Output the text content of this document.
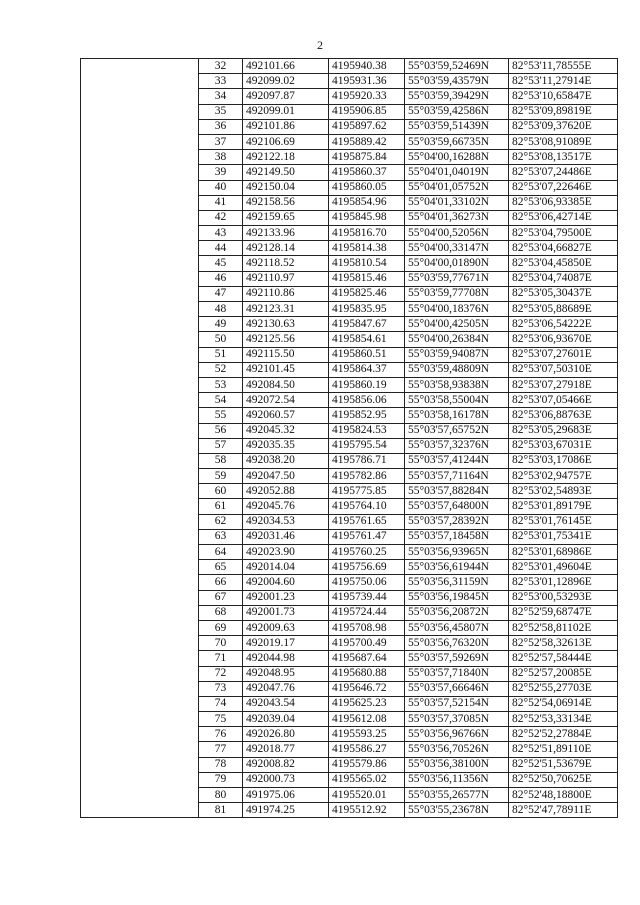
2
	32	492101.66	4195940.38	55°03'59,52469N	82°53'11,78555E
	33	492099.02	4195931.36	55°03'59,43579N	82°53'11,27914E
	34	492097.87	4195920.33	55°03'59,39429N	82°53'10,65847E
	35	492099.01	4195906.85	55°03'59,42586N	82°53'09,89819E
	36	492101.86	4195897.62	55°03'59,51439N	82°53'09,37620E
	37	492106.69	4195889.42	55°03'59,66735N	82°53'08,91089E
	38	492122.18	4195875.84	55°04'00,16288N	82°53'08,13517E
	39	492149.50	4195860.37	55°04'01,04019N	82°53'07,24486E
	40	492150.04	4195860.05	55°04'01,05752N	82°53'07,22646E
	41	492158.56	4195854.96	55°04'01,33102N	82°53'06,93385E
	42	492159.65	4195845.98	55°04'01,36273N	82°53'06,42714E
	43	492133.96	4195816.70	55°04'00,52056N	82°53'04,79500E
	44	492128.14	4195814.38	55°04'00,33147N	82°53'04,66827E
	45	492118.52	4195810.54	55°04'00,01890N	82°53'04,45850E
	46	492110.97	4195815.46	55°03'59,77671N	82°53'04,74087E
	47	492110.86	4195825.46	55°03'59,77708N	82°53'05,30437E
	48	492123.31	4195835.95	55°04'00,18376N	82°53'05,88689E
	49	492130.63	4195847.67	55°04'00,42505N	82°53'06,54222E
	50	492125.56	4195854.61	55°04'00,26384N	82°53'06,93670E
	51	492115.50	4195860.51	55°03'59,94087N	82°53'07,27601E
	52	492101.45	4195864.37	55°03'59,48809N	82°53'07,50310E
	53	492084.50	4195860.19	55°03'58,93838N	82°53'07,27918E
	54	492072.54	4195856.06	55°03'58,55004N	82°53'07,05466E
	55	492060.57	4195852.95	55°03'58,16178N	82°53'06,88763E
	56	492045.32	4195824.53	55°03'57,65752N	82°53'05,29683E
	57	492035.35	4195795.54	55°03'57,32376N	82°53'03,67031E
	58	492038.20	4195786.71	55°03'57,41244N	82°53'03,17086E
	59	492047.50	4195782.86	55°03'57,71164N	82°53'02,94757E
	60	492052.88	4195775.85	55°03'57,88284N	82°53'02,54893E
	61	492045.76	4195764.10	55°03'57,64800N	82°53'01,89179E
	62	492034.53	4195761.65	55°03'57,28392N	82°53'01,76145E
	63	492031.46	4195761.47	55°03'57,18458N	82°53'01,75341E
	64	492023.90	4195760.25	55°03'56,93965N	82°53'01,68986E
	65	492014.04	4195756.69	55°03'56,61944N	82°53'01,49604E
	66	492004.60	4195750.06	55°03'56,31159N	82°53'01,12896E
	67	492001.23	4195739.44	55°03'56,19845N	82°53'00,53293E
	68	492001.73	4195724.44	55°03'56,20872N	82°52'59,68747E
	69	492009.63	4195708.98	55°03'56,45807N	82°52'58,81102E
	70	492019.17	4195700.49	55°03'56,76320N	82°52'58,32613E
	71	492044.98	4195687.64	55°03'57,59269N	82°52'57,58444E
	72	492048.95	4195680.88	55°03'57,71840N	82°52'57,20085E
	73	492047.76	4195646.72	55°03'57,66646N	82°52'55,27703E
	74	492043.54	4195625.23	55°03'57,52154N	82°52'54,06914E
	75	492039.04	4195612.08	55°03'57,37085N	82°52'53,33134E
	76	492026.80	4195593.25	55°03'56,96766N	82°52'52,27884E
	77	492018.77	4195586.27	55°03'56,70526N	82°52'51,89110E
	78	492008.82	4195579.86	55°03'56,38100N	82°52'51,53679E
	79	492000.73	4195565.02	55°03'56,11356N	82°52'50,70625E
	80	491975.06	4195520.01	55°03'55,26577N	82°52'48,18800E
	81	491974.25	4195512.92	55°03'55,23678N	82°52'47,78911E
